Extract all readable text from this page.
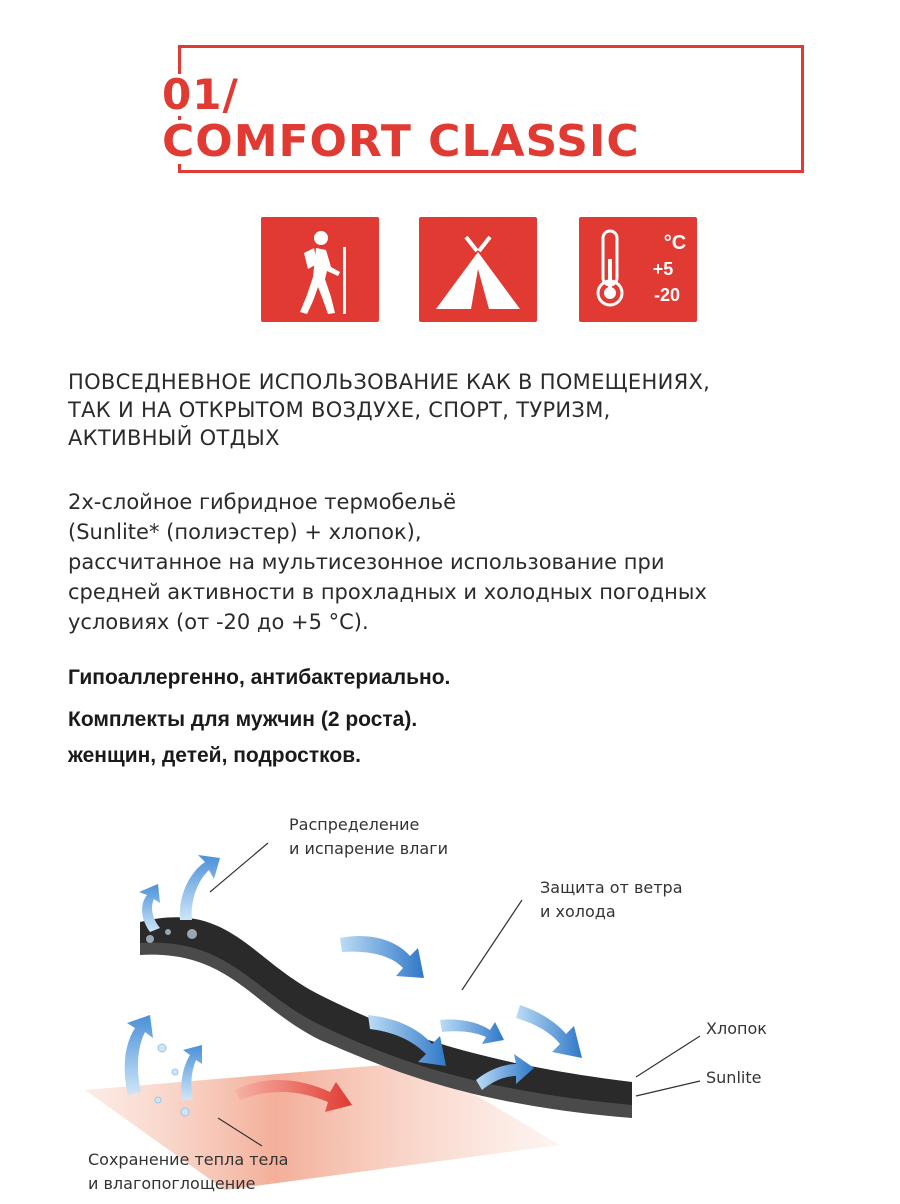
01/
COMFORT CLASSIC
°C
+5
-20
ПОВСЕДНЕВНОЕ ИСПОЛЬЗОВАНИЕ КАК В ПОМЕЩЕНИЯХ,
ТАК И НА ОТКРЫТОМ ВОЗДУХЕ, СПОРТ, ТУРИЗМ,
АКТИВНЫЙ ОТДЫХ
2х-слойное гибридное термобельё
(Sunlite* (полиэстер) + хлопок),
рассчитанное на мультисезонное использование при
средней активности в прохладных и холодных погодных
условиях (от -20 до +5 °С).
Гипоаллергенно, антибактериально.
Комплекты для мужчин (2 роста).
женщин, детей, подростков.
Распределение
и испарение влаги
Защита от ветра
и холода
Хлопок
Sunlite
Сохранение тепла тела
и влагопоглощение
